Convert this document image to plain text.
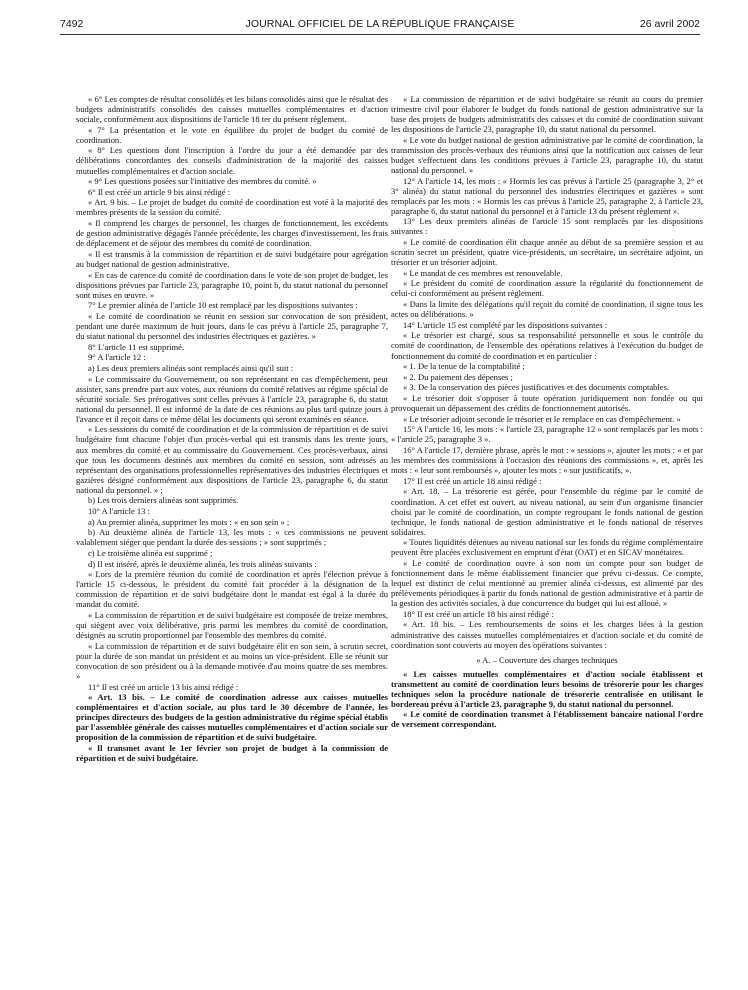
7492	JOURNAL OFFICIEL DE LA RÉPUBLIQUE FRANÇAISE	26 avril 2002

« 6° Les comptes de résultat consolidés et les bilans consolidés ainsi que le résultat des budgets administratifs consolidés des caisses mutuelles complémentaires et d'action sociale, conformément aux dispositions de l'article 18 ter du présent règlement.

« 7° La présentation et le vote en équilibre du projet de budget du comité de coordination.

« 8° Les questions dont l'inscription à l'ordre du jour a été demandée par des délibérations concordantes des conseils d'administration de la majorité des caisses mutuelles complémentaires et d'action sociale.

« 9° Les questions posées sur l'initiative des membres du comité. »

6° Il est créé un article 9 bis ainsi rédigé :

« Art. 9 bis. – Le projet de budget du comité de coordination est voté à la majorité des membres présents de la session du comité.

« Il comprend les charges de personnel, les charges de fonctionnement, les excédents de gestion administrative dégagés l'année précédente, les charges d'investissement, les frais de déplacement et de séjour des membres du comité de coordination.

« Il est transmis à la commission de répartition et de suivi budgétaire pour agrégation au budget national de gestion administrative.

« En cas de carence du comité de coordination dans le vote de son projet de budget, les dispositions prévues par l'article 23, paragraphe 10, point b, du statut national du personnel sont mises en œuvre. »

7° Le premier alinéa de l'article 10 est remplacé par les dispositions suivantes :

« Le comité de coordination se réunit en session sur convocation de son président, pendant une durée maximum de huit jours, dans le cas prévu à l'article 25, paragraphe 7, du statut national du personnel des industries électriques et gazières. »

8° L'article 11 est supprimé.

9° A l'article 12 :

a) Les deux premiers alinéas sont remplacés ainsi qu'il suit :

« Le commissaire du Gouvernement, ou son représentant en cas d'empêchement, peut assister, sans prendre part aux votes, aux réunions du comité relatives au régime spécial de sécurité sociale. Ses prérogatives sont celles prévues à l'article 23, paragraphe 6, du statut national du personnel. Il est informé de la date de ces réunions au plus tard quinze jours à l'avance et il reçoit dans ce même délai les documents qui seront examinés en séance.

« Les sessions du comité de coordination et de la commission de répartition et de suivi budgétaire font chacune l'objet d'un procès-verbal qui est transmis dans les trente jours, aux membres du comité et au commissaire du Gouvernement. Ces procès-verbaux, ainsi que tous les documents destinés aux membres du comité en session, sont adressés au représentant des organisations professionnelles représentatives des industries électriques et gazières désigné conformément aux dispositions de l'article 23, paragraphe 6, du statut national du personnel. » ;

b) Les trois derniers alinéas sont supprimés.

10° A l'article 13 :

a) Au premier alinéa, supprimer les mots : « en son sein » ;

b) Au deuxième alinéa de l'article 13, les mots : « ces commissions ne peuvent valablement siéger que pendant la durée des sessions ; » sont supprimés ;

c) Le troisième alinéa est supprimé ;

d) Il est inséré, après le deuxième alinéa, les trois alinéas suivants :

« Lors de la première réunion du comité de coordination et après l'élection prévue à l'article 15 ci-dessous, le président du comité fait procéder à la désignation de la commission de répartition et de suivi budgétaire dont le mandat est égal à la durée du mandat du comité.

« La commission de répartition et de suivi budgétaire est composée de treize membres, qui siègent avec voix délibérative, pris parmi les membres du comité de coordination, désignés au scrutin proportionnel par l'ensemble des membres du comité.

« La commission de répartition et de suivi budgétaire élit en son sein, à scrutin secret, pour la durée de son mandat un président et au moins un vice-président. Elle se réunit sur convocation de son président ou à la demande motivée d'au moins quatre de ses membres. »

11° Il est créé un article 13 bis ainsi rédigé :

« Art. 13 bis. – Le comité de coordination adresse aux caisses mutuelles complémentaires et d'action sociale, au plus tard le 30 décembre de l'année, les principes directeurs des budgets de la gestion administrative du régime spécial établis par l'assemblée générale des caisses mutuelles complémentaires et d'action sociale sur proposition de la commission de répartition et de suivi budgétaire.

« Il transmet avant le 1er février son projet de budget à la commission de répartition et de suivi budgétaire.

« La commission de répartition et de suivi budgétaire se réunit au cours du premier trimestre civil pour élaborer le budget du fonds national de gestion administrative sur la base des projets de budgets administratifs des caisses et du comité de coordination suivant les dispositions de l'article 23, paragraphe 10, du statut national du personnel.

« Le vote du budget national de gestion administrative par le comité de coordination, la transmission des procès-verbaux des réunions ainsi que la notification aux caisses de leur budget s'effectuent dans les conditions prévues à l'article 23, paragraphe 10, du statut national du personnel. »

12° A l'article 14, les mots : « Hormis les cas prévus à l'article 25 (paragraphe 3, 2° et 3° alinéa) du statut national du personnel des industries électriques et gazières » sont remplacés par les mots : « Hormis les cas prévus à l'article 25, paragraphe 2, à l'article 23, paragraphe 6, du statut national du personnel et à l'article 13 du présent règlement ».

13° Les deux premiers alinéas de l'article 15 sont remplacés par les dispositions suivantes :

« Le comité de coordination élit chaque année au début de sa première session et au scrutin secret un président, quatre vice-présidents, un secrétaire, un secrétaire adjoint, un trésorier et un trésorier adjoint.

« Le mandat de ces membres est renouvelable.

« Le président du comité de coordination assure la régularité du fonctionnement de celui-ci conformément au présent règlement.

« Dans la limite des délégations qu'il reçoit du comité de coordination, il signe tous les actes ou délibérations. »

14° L'article 15 est complété par les dispositions suivantes :

« Le trésorier est chargé, sous sa responsabilité personnelle et sous le contrôle du comité de coordination, de l'ensemble des opérations relatives à l'exécution du budget de fonctionnement du comité de coordination et en particulier :

« 1. De la tenue de la comptabilité ;

« 2. Du paiement des dépenses ;

« 3. De la conservation des pièces justificatives et des documents comptables.

« Le trésorier doit s'opposer à toute opération juridiquement non fondée ou qui provoquerait un dépassement des crédits de fonctionnement autorisés.

« Le trésorier adjoint seconde le trésorier et le remplace en cas d'empêchement. »

15° A l'article 16, les mots : « l'article 23, paragraphe 12 » sont remplacés par les mots : « l'article 25, paragraphe 3 ».

16° A l'article 17, dernière phrase, après le mot : « sessions », ajouter les mots : « et par les membres des commissions à l'occasion des réunions des commissions », et, après les mots : « leur sont remboursés », ajouter les mots : « sur justificatifs, ».

17° Il est créé un article 18 ainsi rédigé :

« Art. 18. – La trésorerie est gérée, pour l'ensemble du régime par le comité de coordination. A cet effet est ouvert, au niveau national, au sein d'un organisme financier choisi par le comité de coordination, un compte regroupant le fonds national de gestion technique, le fonds national de gestion administrative et le fonds national de réserves solidaires.

« Toutes liquidités détenues au niveau national sur les fonds du régime complémentaire peuvent être placées exclusivement en emprunt d'état (OAT) et en SICAV monétaires.

« Le comité de coordination ouvre à son nom un compte pour son budget de fonctionnement dans le même établissement financier que prévu ci-dessus. Ce compte, lequel est distinct de celui mentionné au premier alinéa ci-dessus, est alimenté par des prélèvements périodiques à partir du fonds national de gestion administrative et à partir de la gestion des activités sociales, à due concurrence du budget qui lui est alloué. »

18° Il est créé un article 18 bis ainsi rédigé :

« Art. 18 bis. – Les remboursements de soins et les charges liées à la gestion administrative des caisses mutuelles complémentaires et d'action sociale et du comité de coordination sont couverts au moyen des opérations suivantes :

« A. – Couverture des charges techniques

« Les caisses mutuelles complémentaires et d'action sociale établissent et transmettent au comité de coordination leurs besoins de trésorerie pour les charges techniques selon la procédure nationale de trésorerie centralisée en utilisant le bordereau prévu à l'article 23, paragraphe 9, du statut national du personnel.

« Le comité de coordination transmet à l'établissement bancaire national l'ordre de versement correspondant.
